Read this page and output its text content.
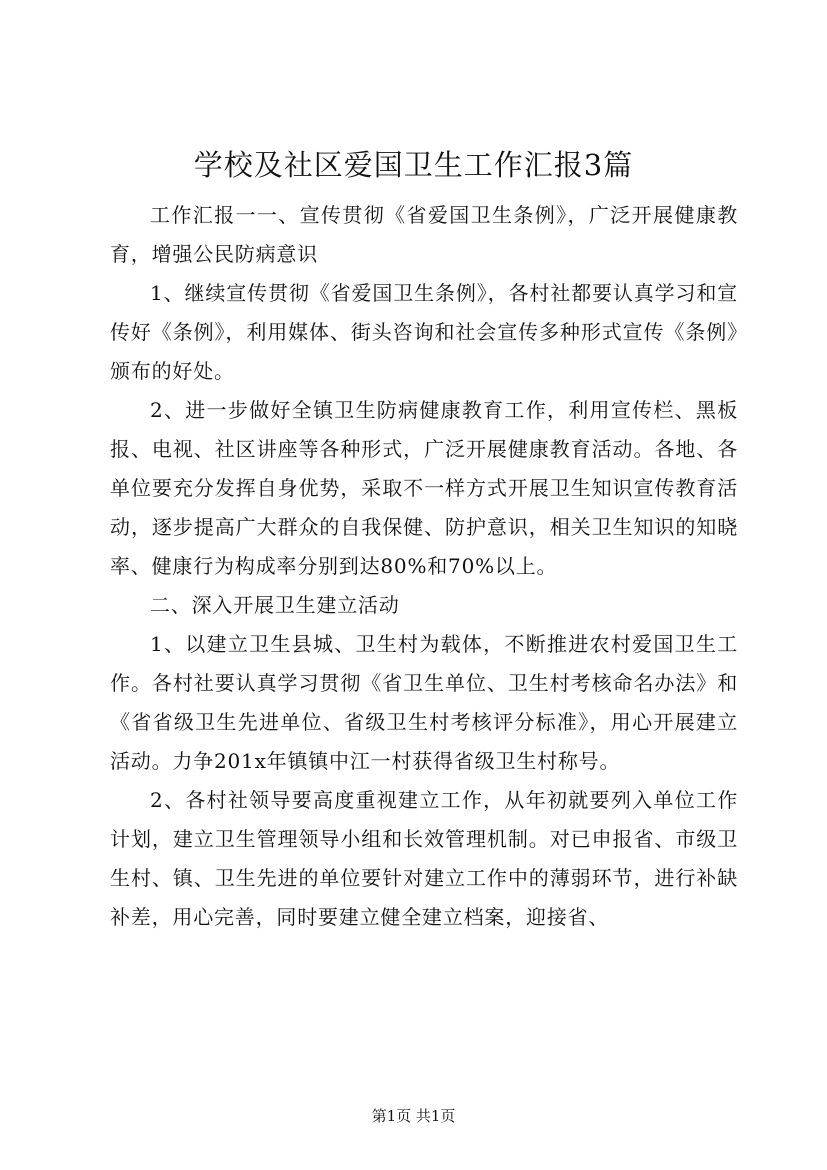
学校及社区爱国卫生工作汇报3篇

工作汇报一一、宣传贯彻《省爱国卫生条例》，广泛开展健康教育，增强公民防病意识

1、继续宣传贯彻《省爱国卫生条例》，各村社都要认真学习和宣传好《条例》，利用媒体、街头咨询和社会宣传多种形式宣传《条例》颁布的好处。

2、进一步做好全镇卫生防病健康教育工作，利用宣传栏、黑板报、电视、社区讲座等各种形式，广泛开展健康教育活动。各地、各单位要充分发挥自身优势，采取不一样方式开展卫生知识宣传教育活动，逐步提高广大群众的自我保健、防护意识，相关卫生知识的知晓率、健康行为构成率分别到达80%和70%以上。

二、深入开展卫生建立活动

1、以建立卫生县城、卫生村为载体，不断推进农村爱国卫生工作。各村社要认真学习贯彻《省卫生单位、卫生村考核命名办法》和《省省级卫生先进单位、省级卫生村考核评分标准》，用心开展建立活动。力争201x年镇镇中江一村获得省级卫生村称号。

2、各村社领导要高度重视建立工作，从年初就要列入单位工作计划，建立卫生管理领导小组和长效管理机制。对已申报省、市级卫生村、镇、卫生先进的单位要针对建立工作中的薄弱环节，进行补缺补差，用心完善，同时要建立健全建立档案，迎接省、

第1页 共1页
